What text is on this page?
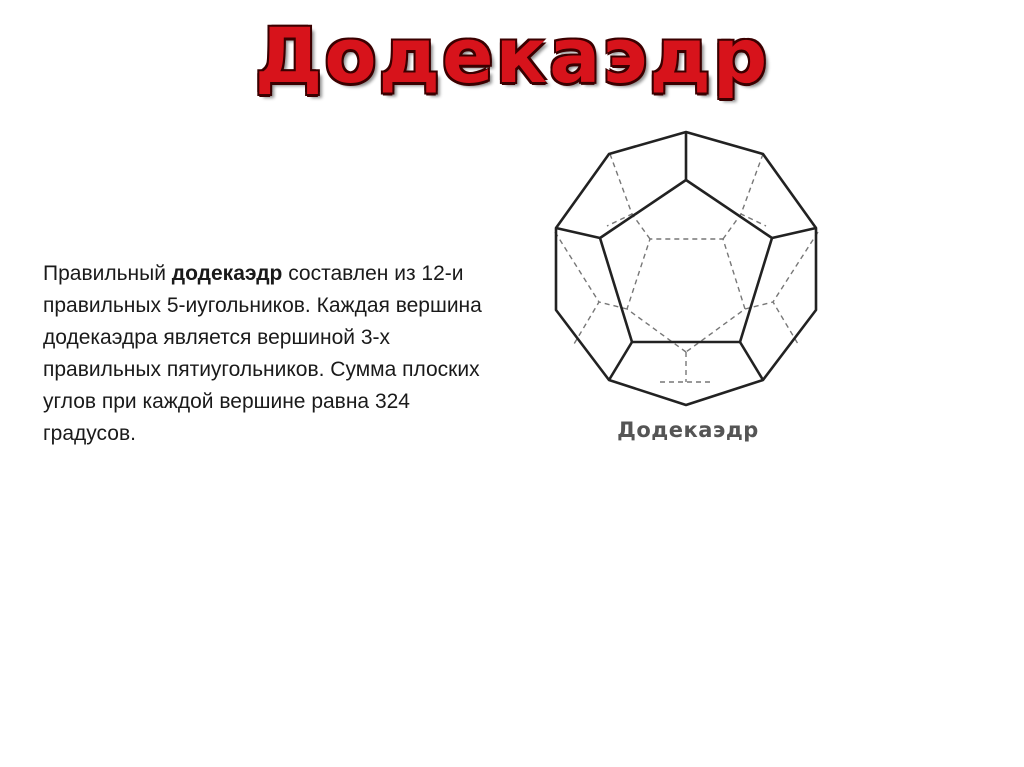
Додекаэдр

Правильный додекаэдр составлен из 12-и правильных 5-иугольников. Каждая вершина додекаэдра является вершиной 3-х правильных пятиугольников. Сумма плоских углов при каждой вершине равна 324 градусов.	Додекаэдр
